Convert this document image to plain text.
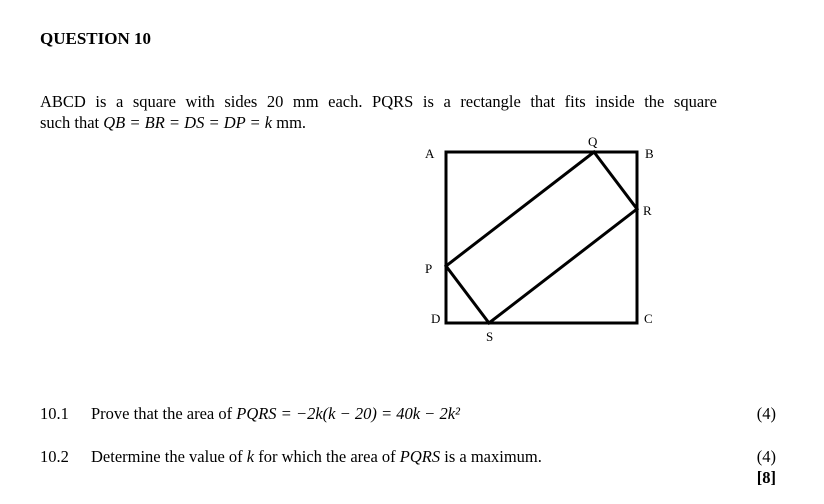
QUESTION 10
ABCD is a square with sides 20 mm each. PQRS is a rectangle that fits inside the square
such that QB = BR = DS = DP = k mm.
A	B
C
D
P
Q
R
S
10.1 Prove that the area of PQRS = −2k(k − 20) = 40k − 2k²	(4)
10.2 Determine the value of k for which the area of PQRS is a maximum.	(4)
[8]
